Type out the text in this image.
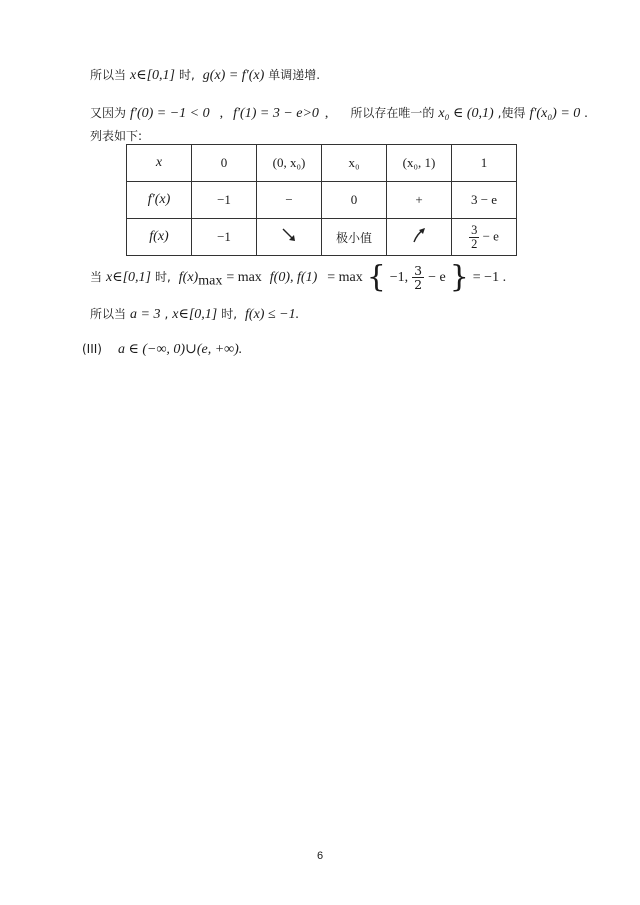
所以当 x∈[0,1] 时, g(x) = f′(x) 单调递增.
又因为 f′(0) = −1 < 0 , f′(1) = 3 − e>0 , 所以存在唯一的 x₀ ∈ (0,1) ,使得 f′(x₀) = 0 .
列表如下:
x	0	(0, x₀)	x₀	(x₀, 1)	1
f′(x)	−1	−	0	+	3 − e
f(x)	−1		极小值		$\frac{3}{2} - e$
当 x∈[0,1] 时, $f(x)_{max} = \max f(0)$, f(1) = max { −1, $\frac{3}{2} - e$ } = −1 .
所以当 a = 3 , x∈[0,1] 时, f(x) ≤ −1.
(III) a ∈ (−∞, 0)∪(e, +∞).
6
